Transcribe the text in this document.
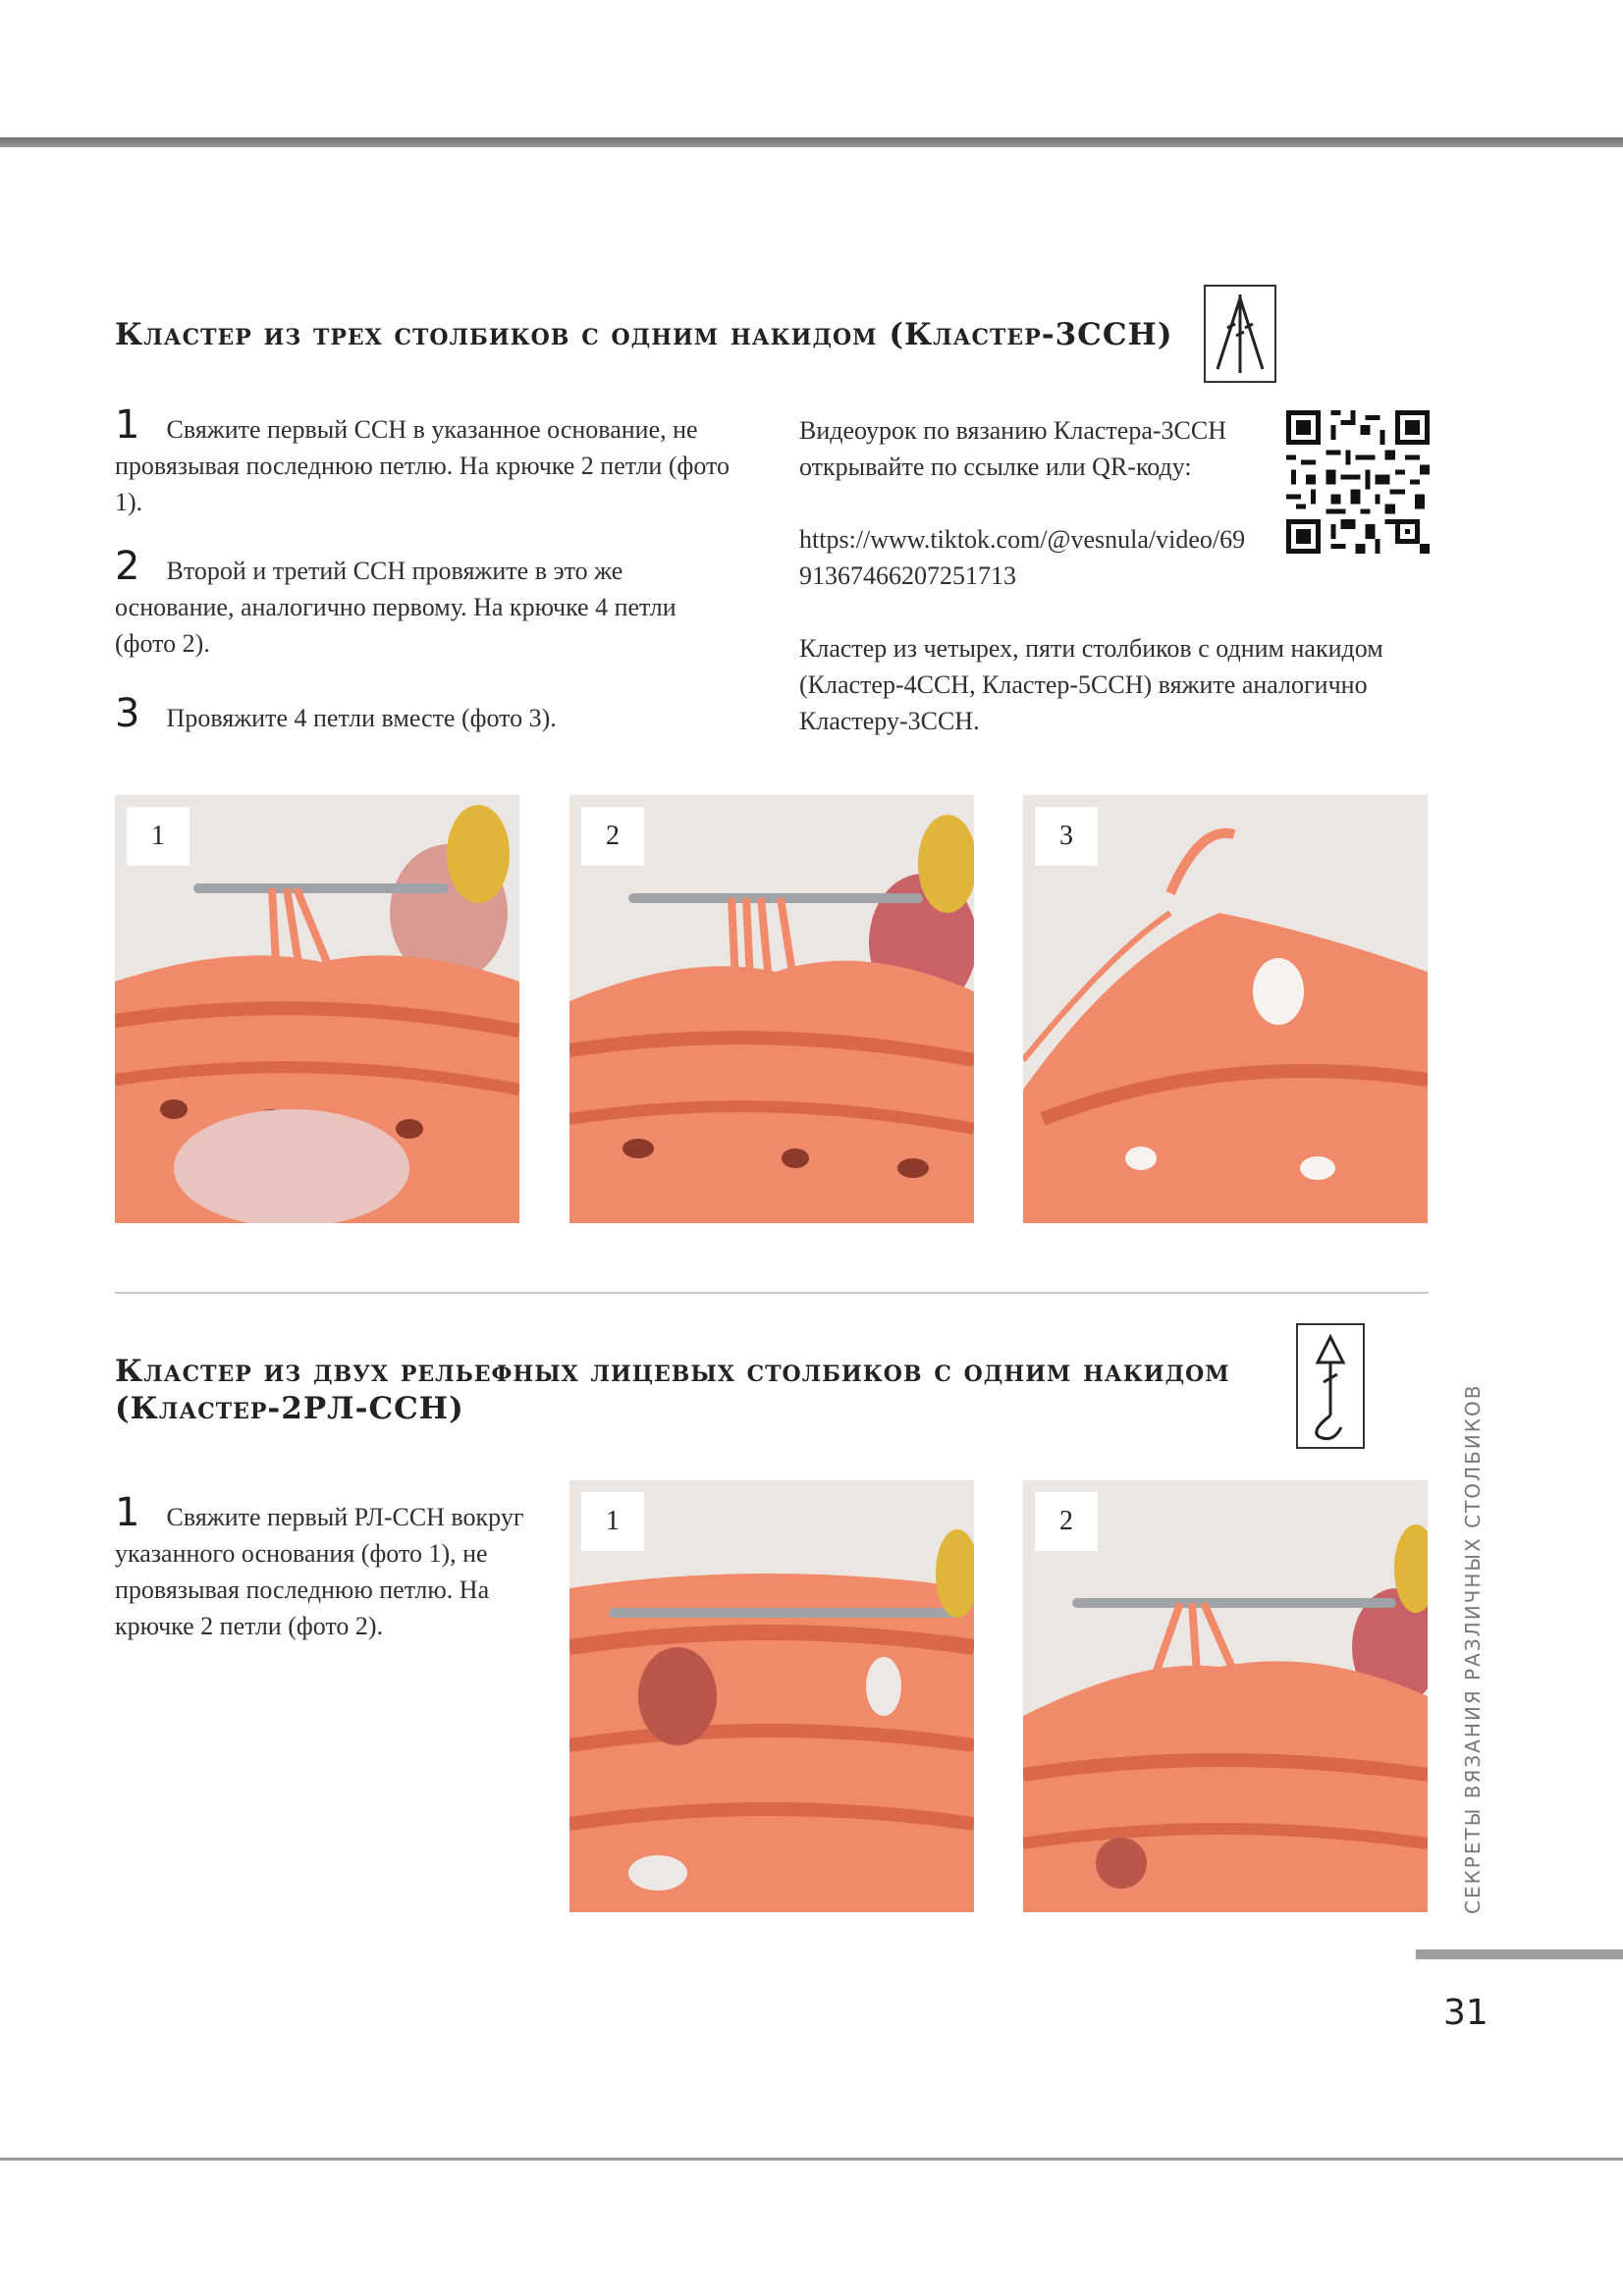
Кластер из трех столбиков с одним накидом (Кластер-3ССН)
1 Свяжите первый ССН в указанное основание, не провязывая последнюю петлю. На крючке 2 петли (фото 1).
2 Второй и третий ССН провяжите в это же основание, аналогично первому. На крючке 4 петли (фото 2).
3 Провяжите 4 петли вместе (фото 3).
Видеоурок по вязанию Кластера-3ССН открывайте по ссылке или QR-коду:
https://www.tiktok.com/@vesnula/video/6991367466207251713
Кластер из четырех, пяти столбиков с одним накидом (Кластер-4ССН, Кластер-5ССН) вяжите аналогично Кластеру-3ССН.
1	2	3
Кластер из двух рельефных лицевых столбиков с одним накидом
(Кластер-2РЛ-ССН)
1 Свяжите первый РЛ-ССН вокруг указанного основания (фото 1), не провязывая последнюю петлю. На крючке 2 петли (фото 2).
1	2	СЕКРЕТЫ ВЯЗАНИЯ РАЗЛИЧНЫХ СТОЛБИКОВ
31
